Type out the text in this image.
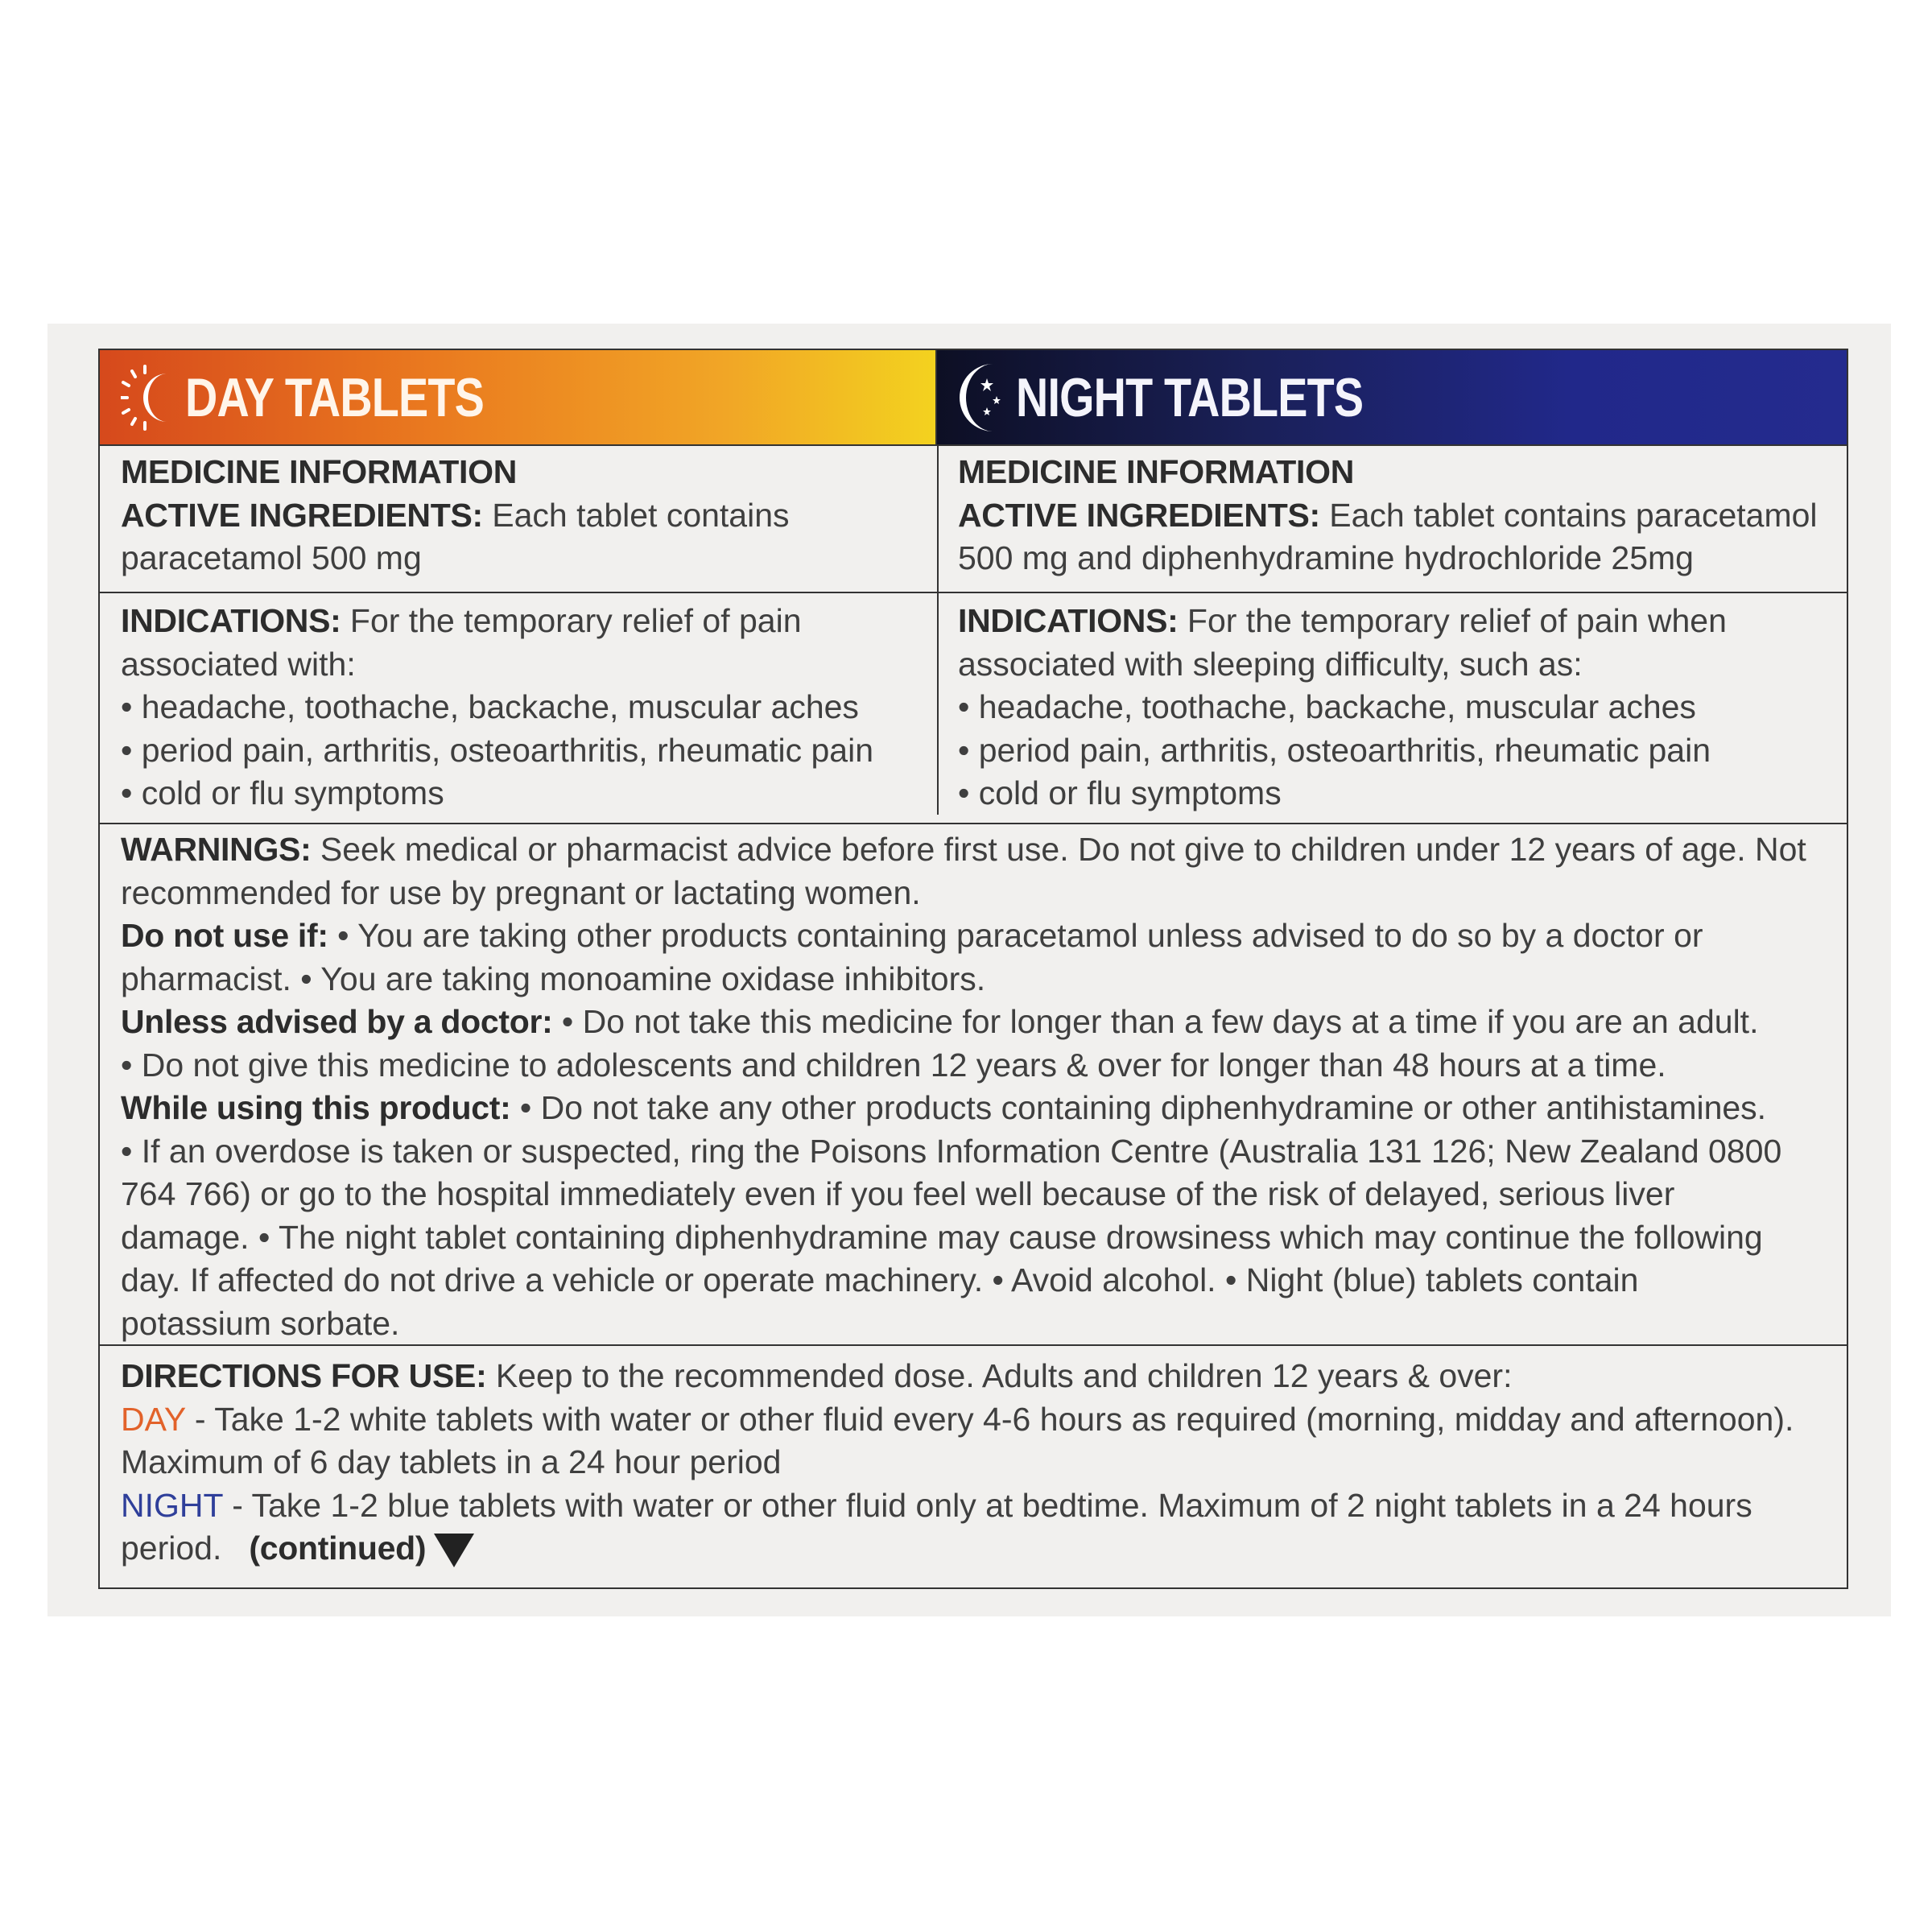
DAY TABLETS	NIGHT TABLETS
MEDICINE INFORMATION
ACTIVE INGREDIENTS: Each tablet contains
paracetamol 500 mg
MEDICINE INFORMATION
ACTIVE INGREDIENTS: Each tablet contains paracetamol
500 mg and diphenhydramine hydrochloride 25mg
INDICATIONS: For the temporary relief of pain
associated with:
• headache, toothache, backache, muscular aches
• period pain, arthritis, osteoarthritis, rheumatic pain
• cold or flu symptoms
INDICATIONS: For the temporary relief of pain when
associated with sleeping difficulty, such as:
• headache, toothache, backache, muscular aches
• period pain, arthritis, osteoarthritis, rheumatic pain
• cold or flu symptoms
WARNINGS: Seek medical or pharmacist advice before first use. Do not give to children under 12 years of age. Not
recommended for use by pregnant or lactating women.
Do not use if: • You are taking other products containing paracetamol unless advised to do so by a doctor or
pharmacist. • You are taking monoamine oxidase inhibitors.
Unless advised by a doctor: • Do not take this medicine for longer than a few days at a time if you are an adult.
• Do not give this medicine to adolescents and children 12 years & over for longer than 48 hours at a time.
While using this product: • Do not take any other products containing diphenhydramine or other antihistamines.
• If an overdose is taken or suspected, ring the Poisons Information Centre (Australia 131 126; New Zealand 0800
764 766) or go to the hospital immediately even if you feel well because of the risk of delayed, serious liver
damage. • The night tablet containing diphenhydramine may cause drowsiness which may continue the following
day. If affected do not drive a vehicle or operate machinery. • Avoid alcohol. • Night (blue) tablets contain
potassium sorbate.
DIRECTIONS FOR USE: Keep to the recommended dose. Adults and children 12 years & over:
DAY - Take 1-2 white tablets with water or other fluid every 4-6 hours as required (morning, midday and afternoon).
Maximum of 6 day tablets in a 24 hour period
NIGHT - Take 1-2 blue tablets with water or other fluid only at bedtime. Maximum of 2 night tablets in a 24 hours
period. (continued)
